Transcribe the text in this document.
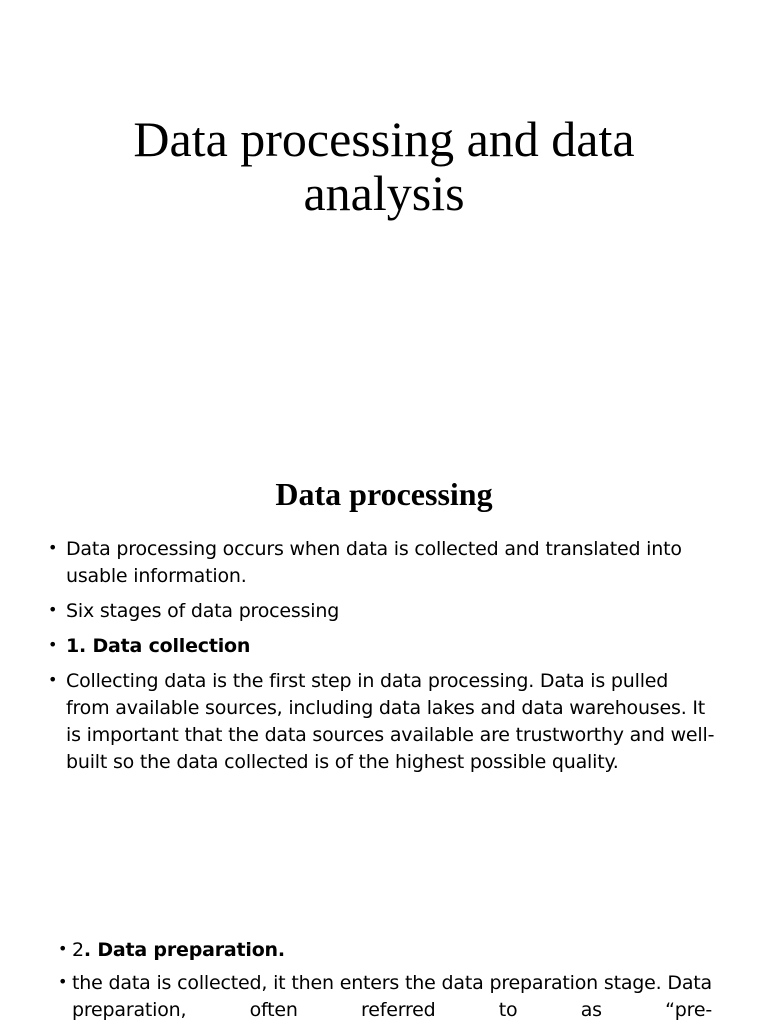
Data processing and data
analysis
Data processing
• Data processing occurs when data is collected and translated into usable information.
• Six stages of data processing
• 1. Data collection
• Collecting data is the first step in data processing. Data is pulled from available sources, including data lakes and data warehouses. It is important that the data sources available are trustworthy and well-built so the data collected is of the highest possible quality.
• 2. Data preparation.
• the data is collected, it then enters the data preparation stage. Data preparation, often referred to as “pre-
